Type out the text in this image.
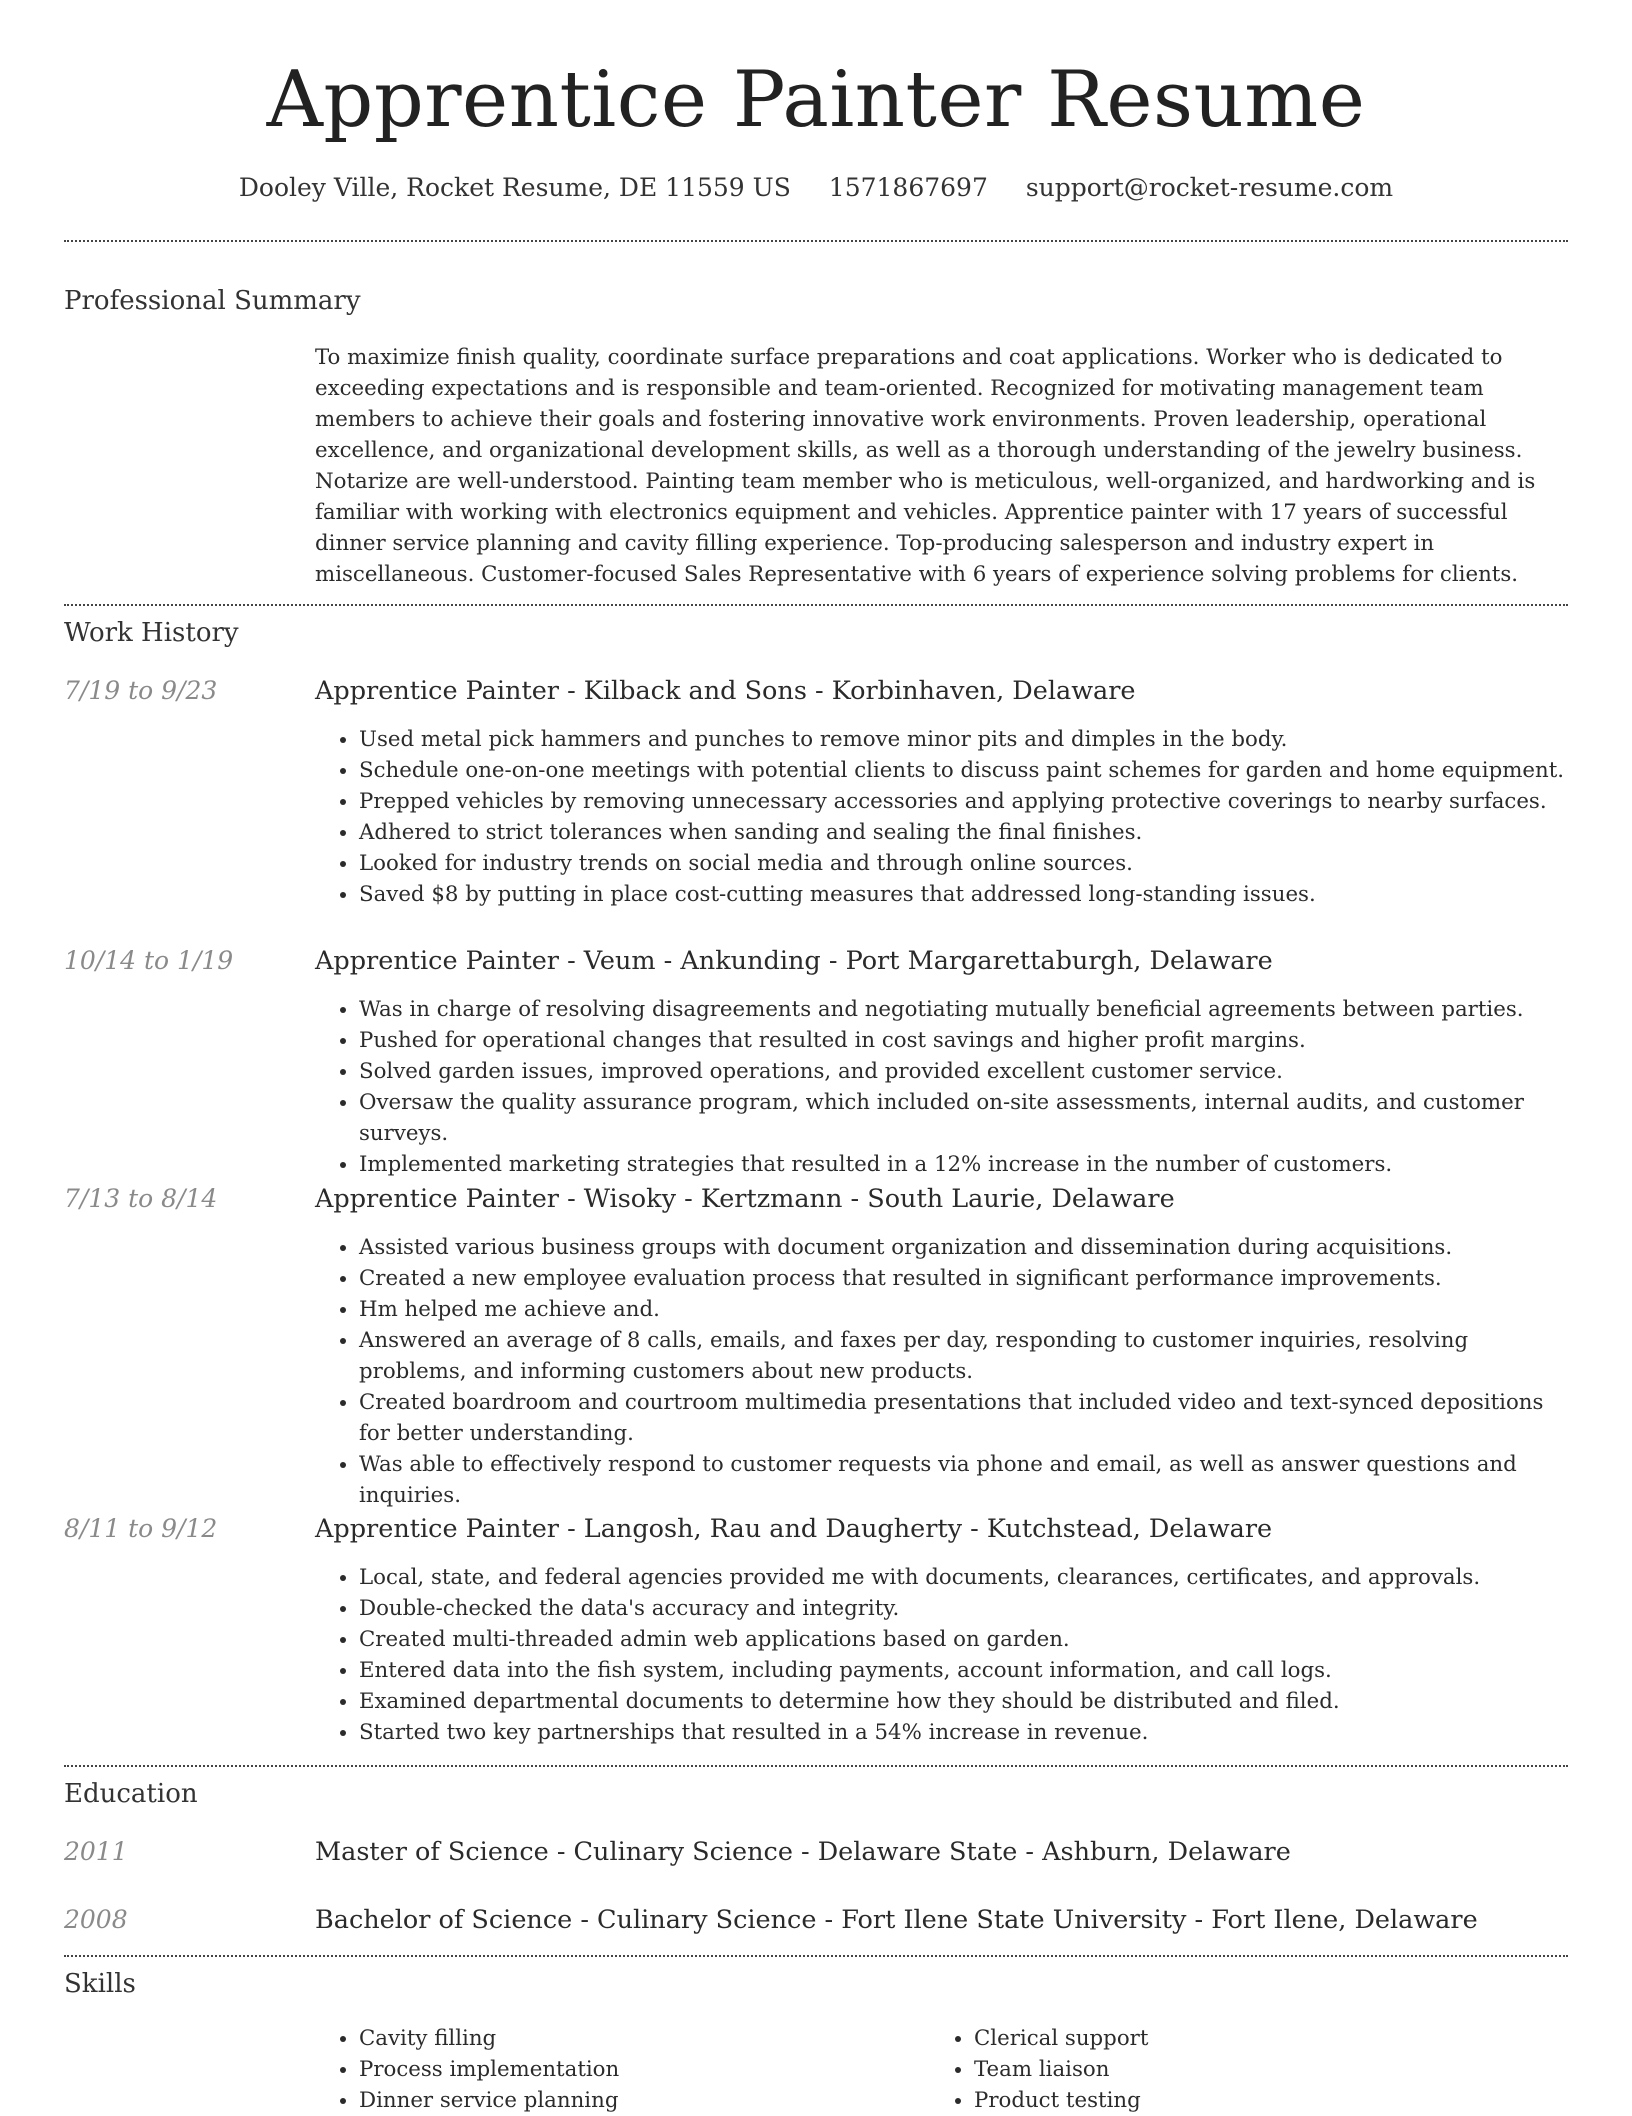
Apprentice Painter Resume
Dooley Ville, Rocket Resume, DE 11559 US 1571867697 support@rocket-resume.com
Professional Summary
To maximize finish quality, coordinate surface preparations and coat applications. Worker who is dedicated to exceeding expectations and is responsible and team-oriented. Recognized for motivating management team members to achieve their goals and fostering innovative work environments. Proven leadership, operational excellence, and organizational development skills, as well as a thorough understanding of the jewelry business. Notarize are well-understood. Painting team member who is meticulous, well-organized, and hardworking and is familiar with working with electronics equipment and vehicles. Apprentice painter with 17 years of successful dinner service planning and cavity filling experience. Top-producing salesperson and industry expert in miscellaneous. Customer-focused Sales Representative with 6 years of experience solving problems for clients.
Work History
7/19 to 9/23	Apprentice Painter - Kilback and Sons - Korbinhaven, Delaware
• Used metal pick hammers and punches to remove minor pits and dimples in the body.
• Schedule one-on-one meetings with potential clients to discuss paint schemes for garden and home equipment.
• Prepped vehicles by removing unnecessary accessories and applying protective coverings to nearby surfaces.
• Adhered to strict tolerances when sanding and sealing the final finishes.
• Looked for industry trends on social media and through online sources.
• Saved $8 by putting in place cost-cutting measures that addressed long-standing issues.
10/14 to 1/19	Apprentice Painter - Veum - Ankunding - Port Margarettaburgh, Delaware
• Was in charge of resolving disagreements and negotiating mutually beneficial agreements between parties.
• Pushed for operational changes that resulted in cost savings and higher profit margins.
• Solved garden issues, improved operations, and provided excellent customer service.
• Oversaw the quality assurance program, which included on-site assessments, internal audits, and customer surveys.
• Implemented marketing strategies that resulted in a 12% increase in the number of customers.
7/13 to 8/14	Apprentice Painter - Wisoky - Kertzmann - South Laurie, Delaware
• Assisted various business groups with document organization and dissemination during acquisitions.
• Created a new employee evaluation process that resulted in significant performance improvements.
• Hm helped me achieve and.
• Answered an average of 8 calls, emails, and faxes per day, responding to customer inquiries, resolving problems, and informing customers about new products.
• Created boardroom and courtroom multimedia presentations that included video and text-synced depositions for better understanding.
• Was able to effectively respond to customer requests via phone and email, as well as answer questions and inquiries.
8/11 to 9/12	Apprentice Painter - Langosh, Rau and Daugherty - Kutchstead, Delaware
• Local, state, and federal agencies provided me with documents, clearances, certificates, and approvals.
• Double-checked the data's accuracy and integrity.
• Created multi-threaded admin web applications based on garden.
• Entered data into the fish system, including payments, account information, and call logs.
• Examined departmental documents to determine how they should be distributed and filed.
• Started two key partnerships that resulted in a 54% increase in revenue.
Education
2011	Master of Science - Culinary Science - Delaware State - Ashburn, Delaware
2008	Bachelor of Science - Culinary Science - Fort Ilene State University - Fort Ilene, Delaware
Skills
• Cavity filling
• Process implementation
• Dinner service planning
• Clerical support
• Team liaison
• Product testing
